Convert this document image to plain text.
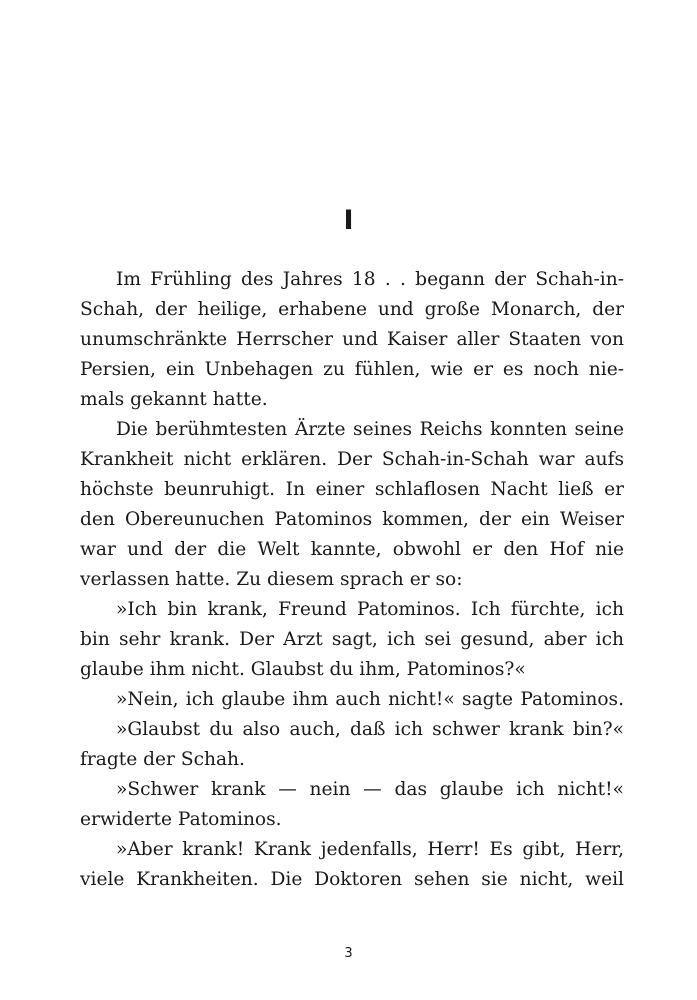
I
Im Frühling des Jahres 18 . . begann der Schah-in-
Schah, der heilige, erhabene und große Monarch, der
unumschränkte Herrscher und Kaiser aller Staaten von
Persien, ein Unbehagen zu fühlen, wie er es noch nie-
mals gekannt hatte.
Die berühmtesten Ärzte seines Reichs konnten seine
Krankheit nicht erklären. Der Schah-in-Schah war aufs
höchste beunruhigt. In einer schlaflosen Nacht ließ er
den Obereunuchen Patominos kommen, der ein Weiser
war und der die Welt kannte, obwohl er den Hof nie
verlassen hatte. Zu diesem sprach er so:
»Ich bin krank, Freund Patominos. Ich fürchte, ich
bin sehr krank. Der Arzt sagt, ich sei gesund, aber ich
glaube ihm nicht. Glaubst du ihm, Patominos?«
»Nein, ich glaube ihm auch nicht!« sagte Patominos.
»Glaubst du also auch, daß ich schwer krank bin?«
fragte der Schah.
»Schwer krank — nein — das glaube ich nicht!«
erwiderte Patominos.
»Aber krank! Krank jedenfalls, Herr! Es gibt, Herr,
viele Krankheiten. Die Doktoren sehen sie nicht, weil
3
